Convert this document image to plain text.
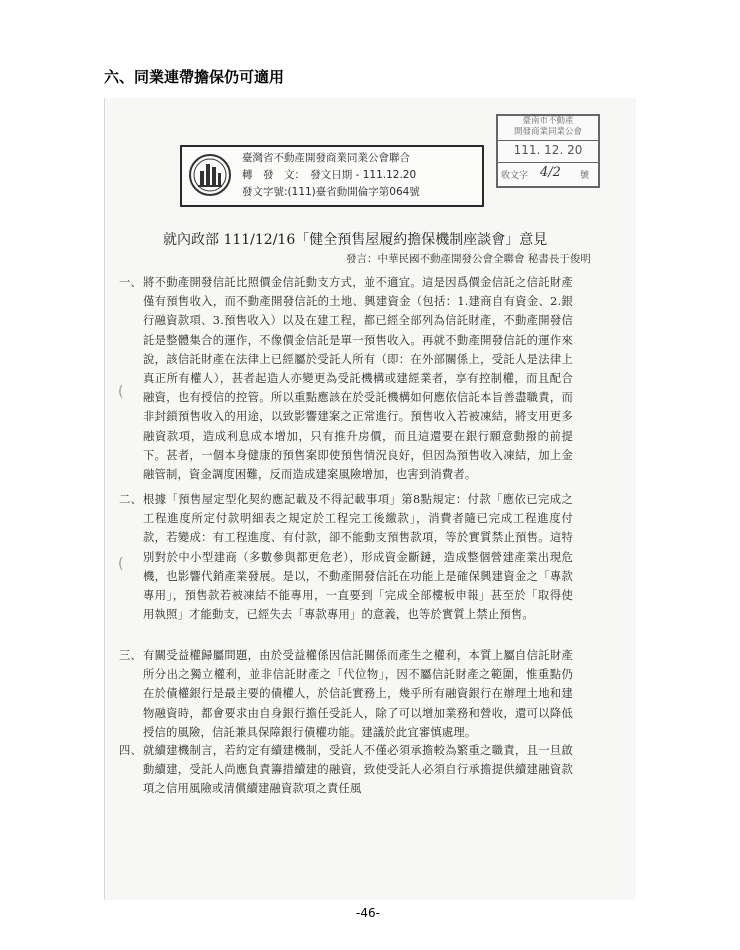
六、同業連帶擔保仍可適用
臺灣省不動產開發商業同業公會聯合
轉　發　文：　發文日期 - 111.12.20
發文字號:(111)臺省動開倫字第064號
臺南市不動產
開發商業同業公會
111. 12. 20
收文字 4/2 號
就內政部 111/12/16「健全預售屋履約擔保機制座談會」意見
發言：中華民國不動產開發公會全聯會 秘書長于俊明
一、 將不動產開發信託比照價金信託動支方式，並不適宜。這是因爲價金信託之信託財產僅有預售收入，而不動產開發信託的土地、興建資金（包括：1.建商自有資金、2.銀行融資款項、3.預售收入）以及在建工程，都已經全部列為信託財產，不動產開發信託是整體集合的運作，不像價金信託是單一預售收入。再就不動產開發信託的運作來說，該信託財產在法律上已經屬於受託人所有（即：在外部關係上，受託人是法律上真正所有權人），甚者起造人亦變更為受託機構或建經業者，享有控制權，而且配合融資，也有授信的控管。所以重點應該在於受託機構如何應依信託本旨善盡職責，而非封鎖預售收入的用途，以致影響建案之正常進行。預售收入若被凍結，將支用更多融資款項，造成利息成本增加，只有推升房價，而且這還要在銀行願意動撥的前提下。甚者，一個本身健康的預售案即使預售情況良好，但因為預售收入凍結，加上金融管制，資金調度困難，反而造成建案風險增加，也害到消費者。
二、 根據「預售屋定型化契約應記載及不得記載事項」第8點規定：付款「應依已完成之工程進度所定付款明細表之規定於工程完工後繳款」，消費者隨已完成工程進度付款，若變成：有工程進度、有付款，卻不能動支預售款項，等於實質禁止預售。這特別對於中小型建商（多數參與都更危老），形成資金斷鏈，造成整個營建產業出現危機，也影響代銷產業發展。是以，不動產開發信託在功能上是確保興建資金之「專款專用」，預售款若被凍結不能專用，一直要到「完成全部樓板申報」甚至於「取得使用執照」才能動支，已經失去「專款專用」的意義，也等於實質上禁止預售。
三、 有關受益權歸屬問題，由於受益權係因信託關係而產生之權利，本質上屬自信託財產所分出之獨立權利，並非信託財產之「代位物」，因不屬信託財產之範圍，惟重點仍在於債權銀行是最主要的債權人，於信託實務上，幾乎所有融資銀行在辦理土地和建物融資時，都會要求由自身銀行擔任受託人，除了可以增加業務和營收，還可以降低授信的風險，信託兼具保障銀行債權功能。建議於此宜審慎處理。
四、 就續建機制言，若約定有續建機制，受託人不僅必須承擔較為繁重之職責，且一旦啟動續建，受託人尚應負責籌措續建的融資，致使受託人必須自行承擔提供續建融資款項之信用風險或清償續建融資款項之責任風
(
(
-46-
